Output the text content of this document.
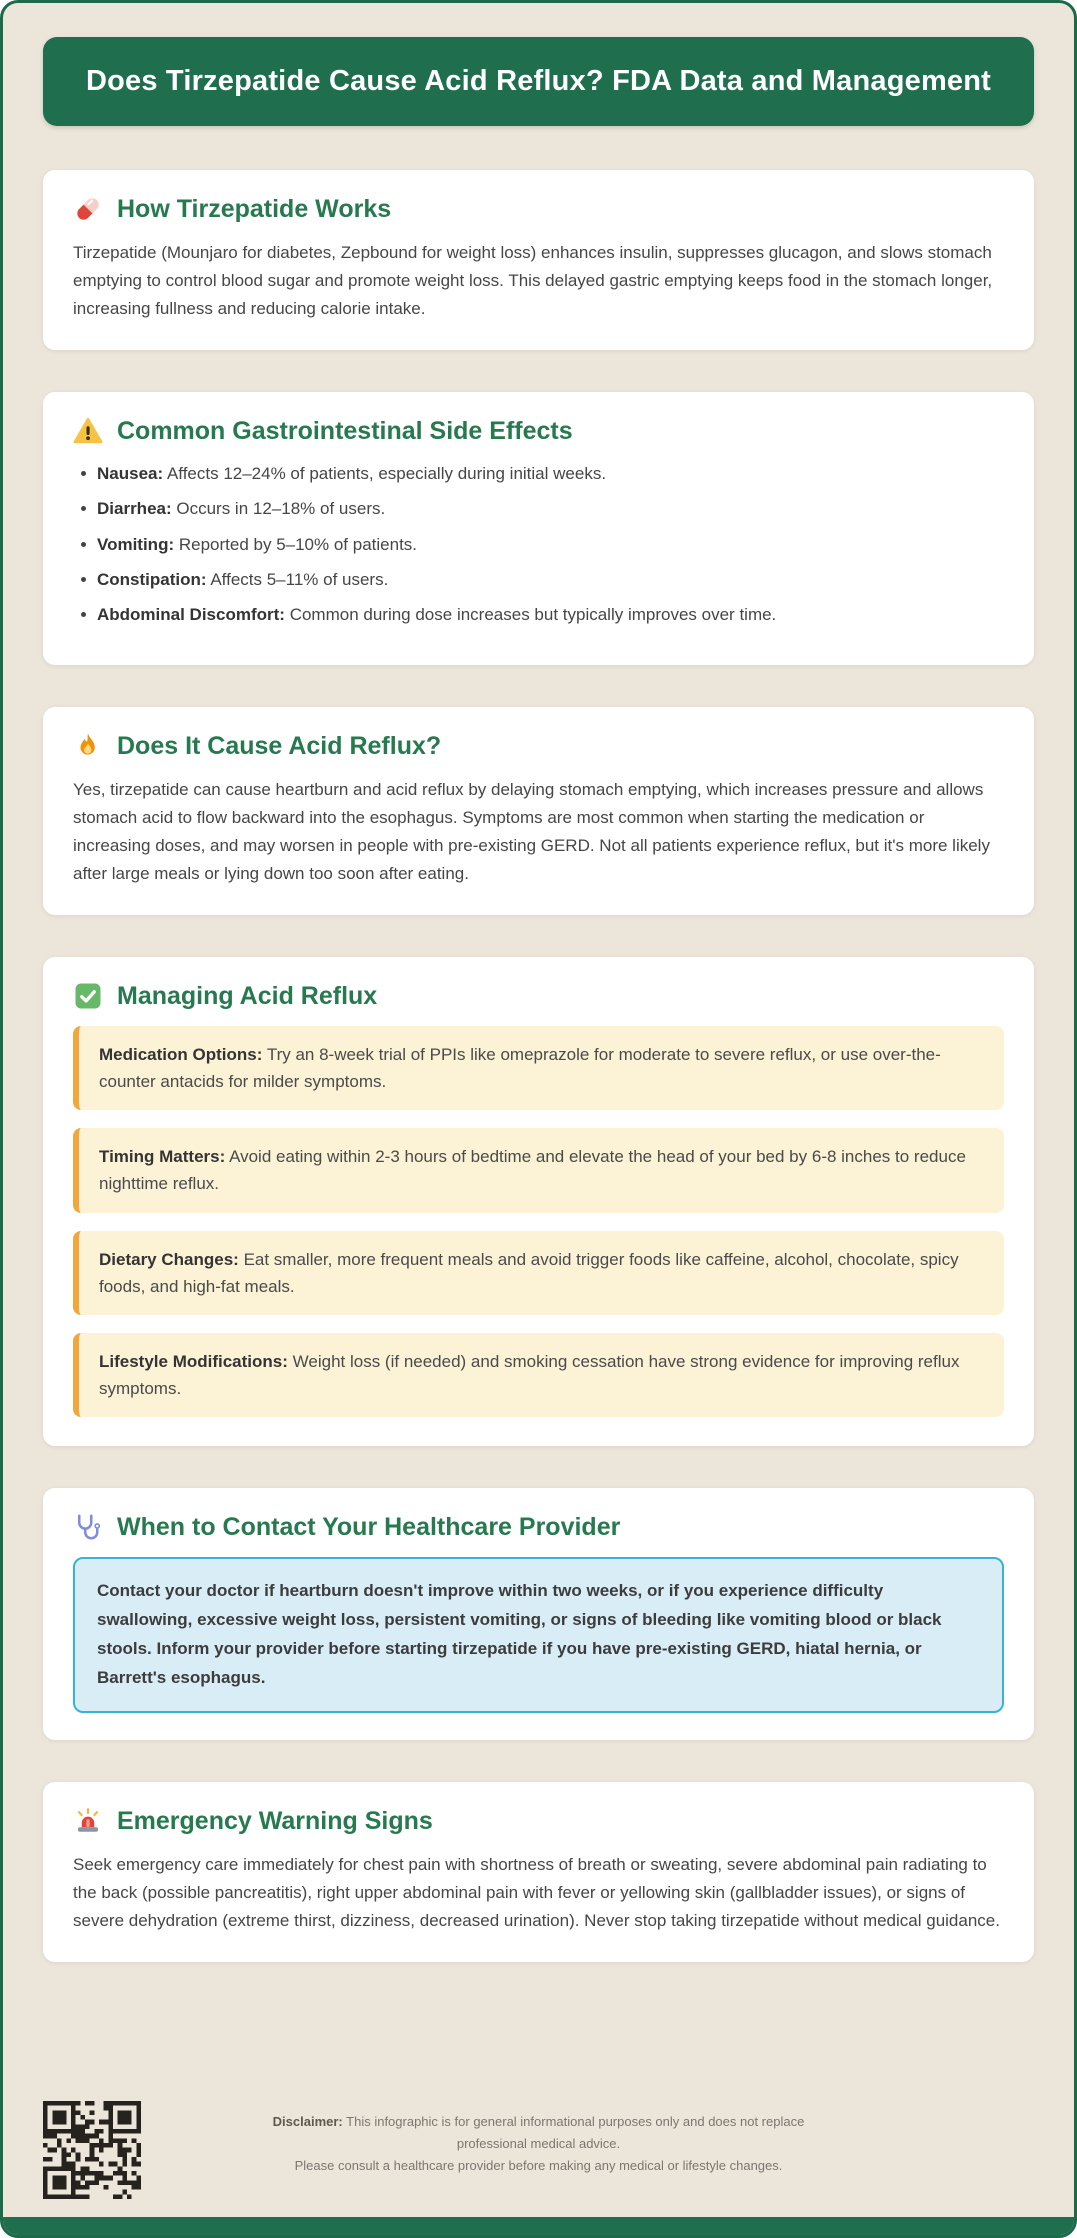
Does Tirzepatide Cause Acid Reflux? FDA Data and Management
How Tirzepatide Works

Tirzepatide (Mounjaro for diabetes, Zepbound for weight loss) enhances insulin, suppresses glucagon, and slows stomach emptying to control blood sugar and promote weight loss. This delayed gastric emptying keeps food in the stomach longer, increasing fullness and reducing calorie intake.

Common Gastrointestinal Side Effects
Nausea: Affects 12–24% of patients, especially during initial weeks.
Diarrhea: Occurs in 12–18% of users.
Vomiting: Reported by 5–10% of patients.
Constipation: Affects 5–11% of users.
Abdominal Discomfort: Common during dose increases but typically improves over time.
Does It Cause Acid Reflux?

Yes, tirzepatide can cause heartburn and acid reflux by delaying stomach emptying, which increases pressure and allows stomach acid to flow backward into the esophagus. Symptoms are most common when starting the medication or increasing doses, and may worsen in people with pre-existing GERD. Not all patients experience reflux, but it's more likely after large meals or lying down too soon after eating.

Managing Acid Reflux
Medication Options: Try an 8-week trial of PPIs like omeprazole for moderate to severe reflux, or use over-the-counter antacids for milder symptoms.
Timing Matters: Avoid eating within 2-3 hours of bedtime and elevate the head of your bed by 6-8 inches to reduce nighttime reflux.
Dietary Changes: Eat smaller, more frequent meals and avoid trigger foods like caffeine, alcohol, chocolate, spicy foods, and high-fat meals.
Lifestyle Modifications: Weight loss (if needed) and smoking cessation have strong evidence for improving reflux symptoms.
When to Contact Your Healthcare Provider
Contact your doctor if heartburn doesn't improve within two weeks, or if you experience difficulty swallowing, excessive weight loss, persistent vomiting, or signs of bleeding like vomiting blood or black stools. Inform your provider before starting tirzepatide if you have pre-existing GERD, hiatal hernia, or Barrett's esophagus.
Emergency Warning Signs

Seek emergency care immediately for chest pain with shortness of breath or sweating, severe abdominal pain radiating to the back (possible pancreatitis), right upper abdominal pain with fever or yellowing skin (gallbladder issues), or signs of severe dehydration (extreme thirst, dizziness, decreased urination). Never stop taking tirzepatide without medical guidance.

Disclaimer: This infographic is for general informational purposes only and does not replace professional medical advice.
Please consult a healthcare provider before making any medical or lifestyle changes.
